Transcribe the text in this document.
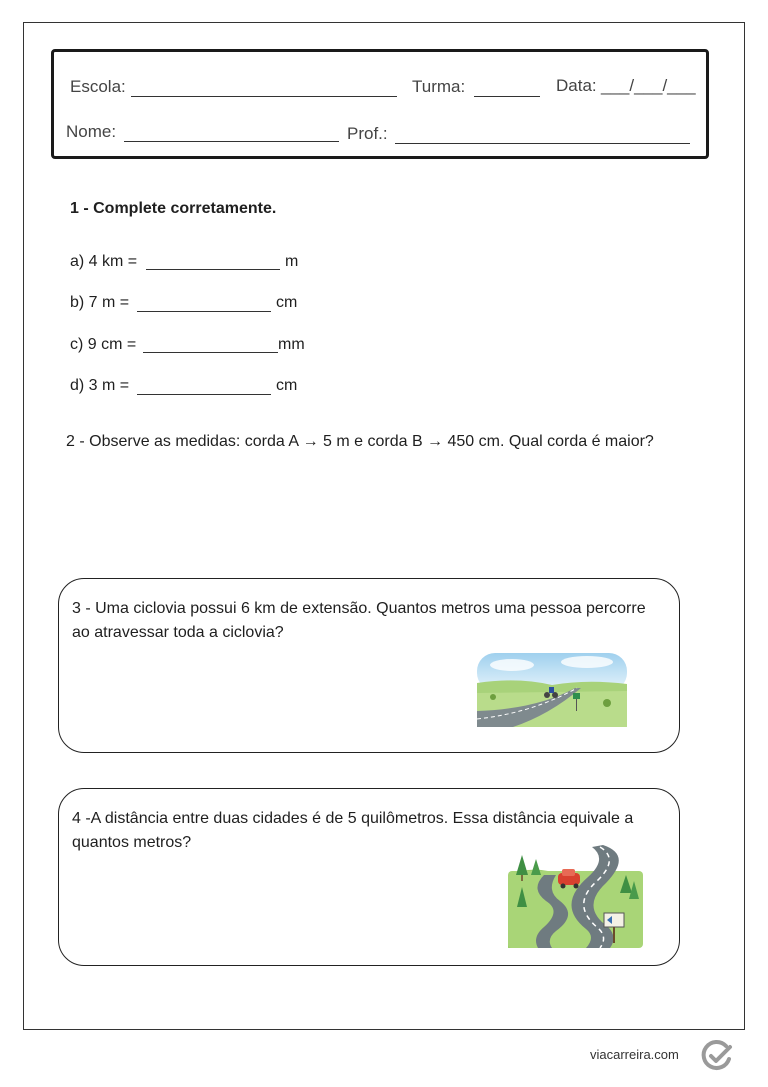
Escola:	Turma:	Data: ___/___/___
Nome:	Prof.:
1 - Complete corretamente.
a) 4 km =	m
b) 7 m =	cm
c) 9 cm =	mm
d) 3 m =	cm
2 - Observe as medidas: corda A → 5 m e corda B → 450 cm. Qual corda é maior?
3 - Uma ciclovia possui 6 km de extensão. Quantos metros uma pessoa percorre ao atravessar toda a ciclovia?
4 -A distância entre duas cidades é de 5 quilômetros. Essa distância equivale a quantos metros?
viacarreira.com
